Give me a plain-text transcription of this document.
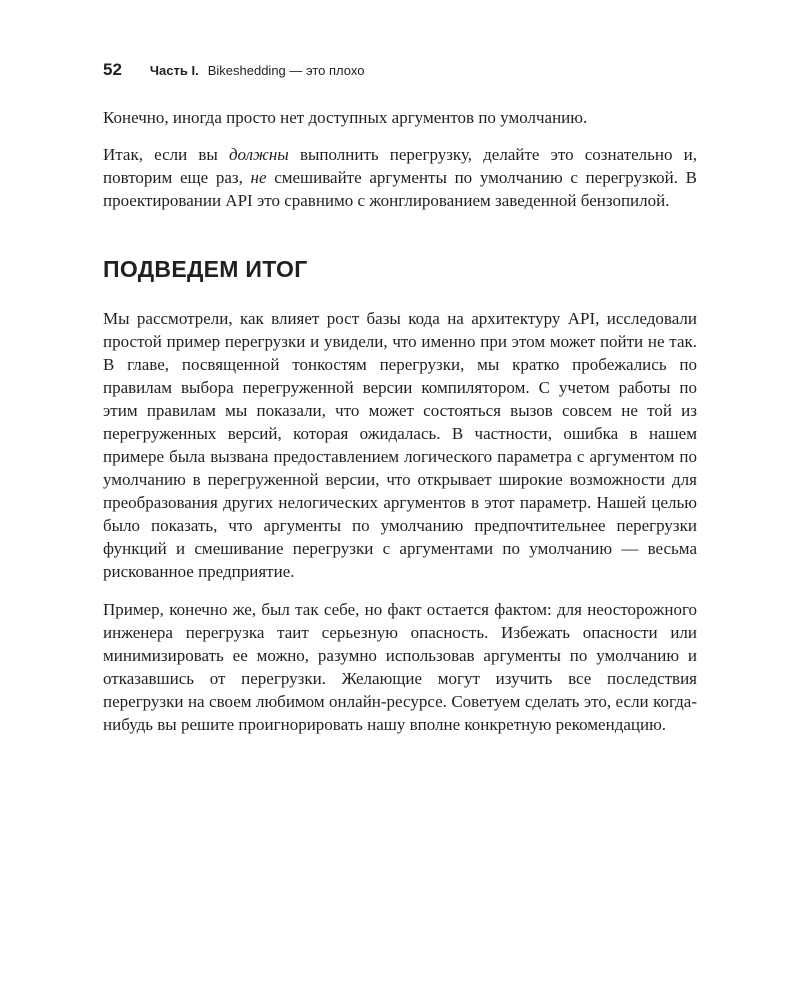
52 Часть I. Bikeshedding — это плохо

Конечно, иногда просто нет доступных аргументов по умолчанию.

Итак, если вы должны выполнить перегрузку, делайте это сознательно и, повторим еще раз, не смешивайте аргументы по умолчанию с перегрузкой. В проектировании API это сравнимо с жонглированием заведенной бензопилой.

ПОДВЕДЕМ ИТОГ

Мы рассмотрели, как влияет рост базы кода на архитектуру API, исследовали простой пример перегрузки и увидели, что именно при этом может пойти не так. В главе, посвященной тонкостям перегрузки, мы кратко пробежались по правилам выбора перегруженной версии компилятором. С учетом работы по этим правилам мы показали, что может состояться вызов совсем не той из перегруженных версий, которая ожидалась. В частности, ошибка в нашем примере была вызвана предоставлением логического параметра с аргументом по умолчанию в перегруженной версии, что открывает широкие возможности для преобразования других нелогических аргументов в этот параметр. Нашей целью было показать, что аргументы по умолчанию предпочтительнее перегрузки функций и смешивание перегрузки с аргументами по умолчанию — весьма рискованное предприятие.

Пример, конечно же, был так себе, но факт остается фактом: для неосторожного инженера перегрузка таит серьезную опасность. Избежать опасности или минимизировать ее можно, разумно использовав аргументы по умолчанию и отказавшись от перегрузки. Желающие могут изучить все последствия перегрузки на своем любимом онлайн-ресурсе. Советуем сделать это, если когда-нибудь вы решите проигнорировать нашу вполне конкретную рекомендацию.
